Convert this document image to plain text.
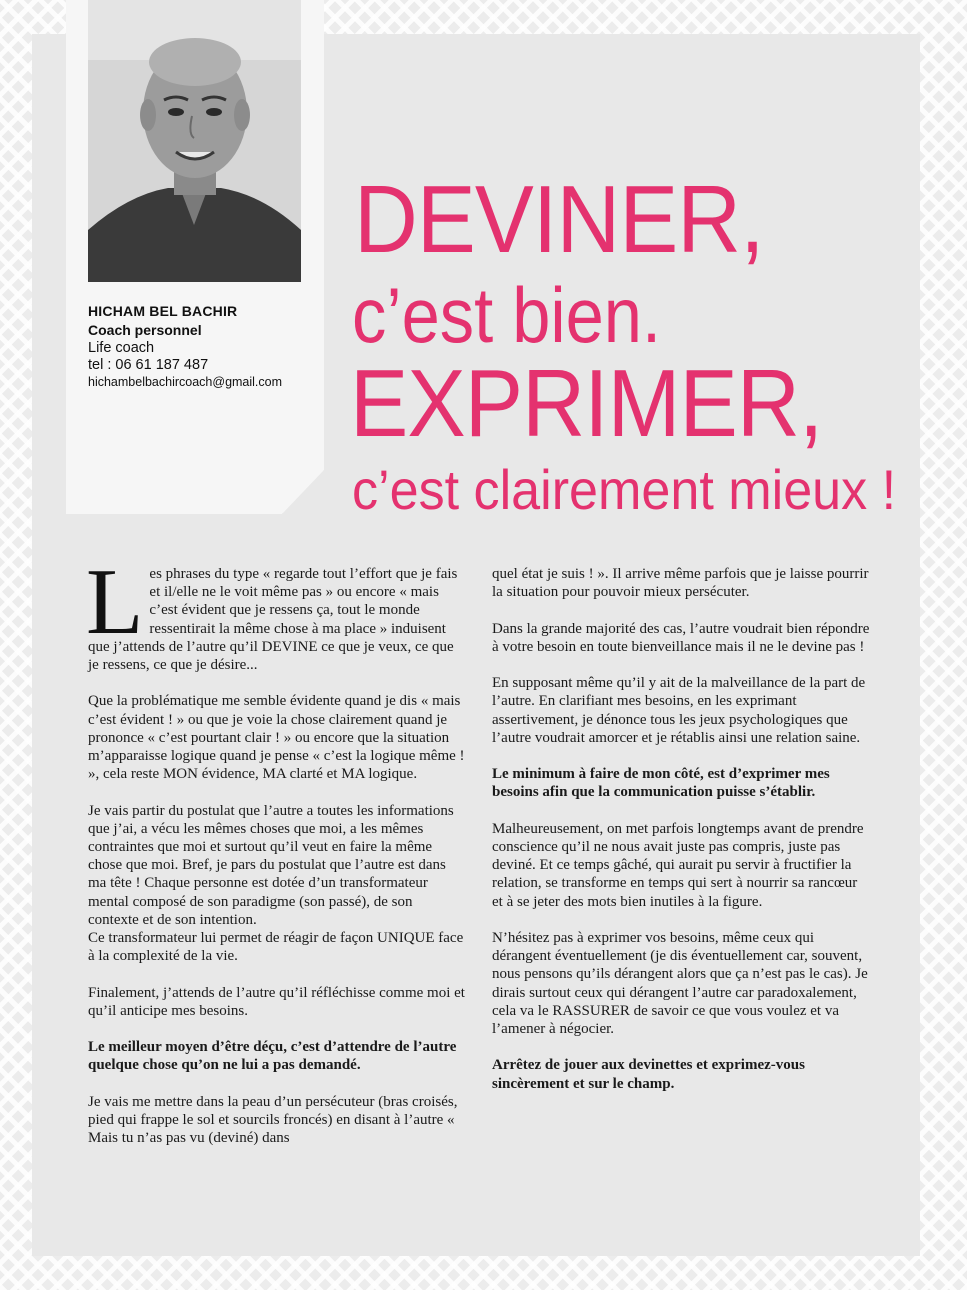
HICHAM BEL BACHIR
Coach personnel
Life coach
tel : 06 61 187 487
hichambelbachircoach@gmail.com
DEVINER,
c’est bien.
EXPRIMER,
c’est clairement mieux !

Les phrases du type « regarde tout l’effort que je fais et il/elle ne le voit même pas » ou encore « mais c’est évident que je ressens ça, tout le monde ressentirait la même chose à ma place » induisent que j’attends de l’autre qu’il DEVINE ce que je veux, ce que je ressens, ce que je désire...

Que la problématique me semble évidente quand je dis « mais c’est évident ! » ou que je voie la chose clairement quand je prononce « c’est pourtant clair ! » ou encore que la situation m’apparaisse logique quand je pense « c’est la logique même ! », cela reste MON évidence, MA clarté et MA logique.

Je vais partir du postulat que l’autre a toutes les informations que j’ai, a vécu les mêmes choses que moi, a les mêmes contraintes que moi et surtout qu’il veut en faire la même chose que moi. Bref, je pars du postulat que l’autre est dans ma tête ! Chaque personne est dotée d’un transformateur mental composé de son paradigme (son passé), de son contexte et de son intention.

Ce transformateur lui permet de réagir de façon UNIQUE face à la complexité de la vie.

Finalement, j’attends de l’autre qu’il réfléchisse comme moi et qu’il anticipe mes besoins.

Le meilleur moyen d’être déçu, c’est d’attendre de l’autre quelque chose qu’on ne lui a pas demandé.

Je vais me mettre dans la peau d’un persécuteur (bras croisés, pied qui frappe le sol et sourcils froncés) en disant à l’autre « Mais tu n’as pas vu (deviné) dans

quel état je suis ! ». Il arrive même parfois que je laisse pourrir la situation pour pouvoir mieux persécuter.

Dans la grande majorité des cas, l’autre voudrait bien répondre à votre besoin en toute bienveillance mais il ne le devine pas !

En supposant même qu’il y ait de la malveillance de la part de l’autre. En clarifiant mes besoins, en les exprimant assertivement, je dénonce tous les jeux psychologiques que l’autre voudrait amorcer et je rétablis ainsi une relation saine.

Le minimum à faire de mon côté, est d’exprimer mes besoins afin que la communication puisse s’établir.

Malheureusement, on met parfois longtemps avant de prendre conscience qu’il ne nous avait juste pas compris, juste pas deviné. Et ce temps gâché, qui aurait pu servir à fructifier la relation, se transforme en temps qui sert à nourrir sa rancœur et à se jeter des mots bien inutiles à la figure.

N’hésitez pas à exprimer vos besoins, même ceux qui dérangent éventuellement (je dis éventuellement car, souvent, nous pensons qu’ils dérangent alors que ça n’est pas le cas). Je dirais surtout ceux qui dérangent l’autre car paradoxalement, cela va le RASSURER de savoir ce que vous voulez et va l’amener à négocier.

Arrêtez de jouer aux devinettes et exprimez-vous sincèrement et sur le champ.
